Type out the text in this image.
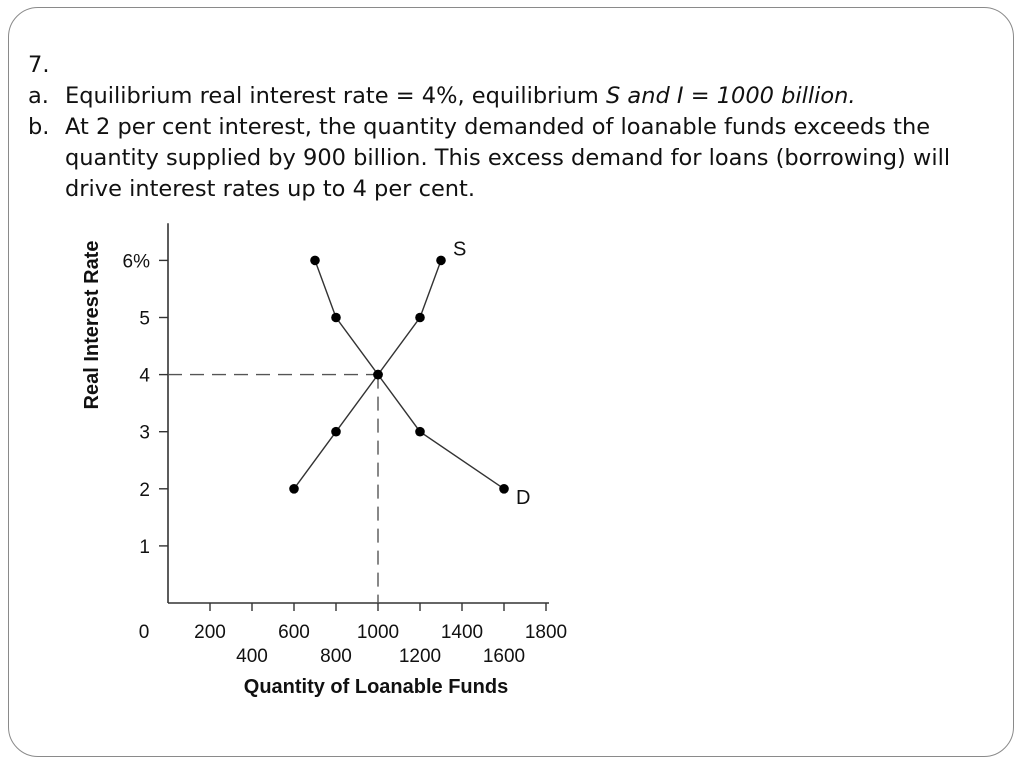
7.
a. Equilibrium real interest rate = 4%, equilibrium S and I = 1000 billion.
b. At 2 per cent interest, the quantity demanded of loanable funds exceeds the
quantity supplied by 900 billion. This excess demand for loans (borrowing) will
drive interest rates up to 4 per cent.
S
D
1
2
3
4
5
6%
200	600 1000 1400 1800
400	800 1200 1600
0
Real Interest Rate
Quantity of Loanable Funds
